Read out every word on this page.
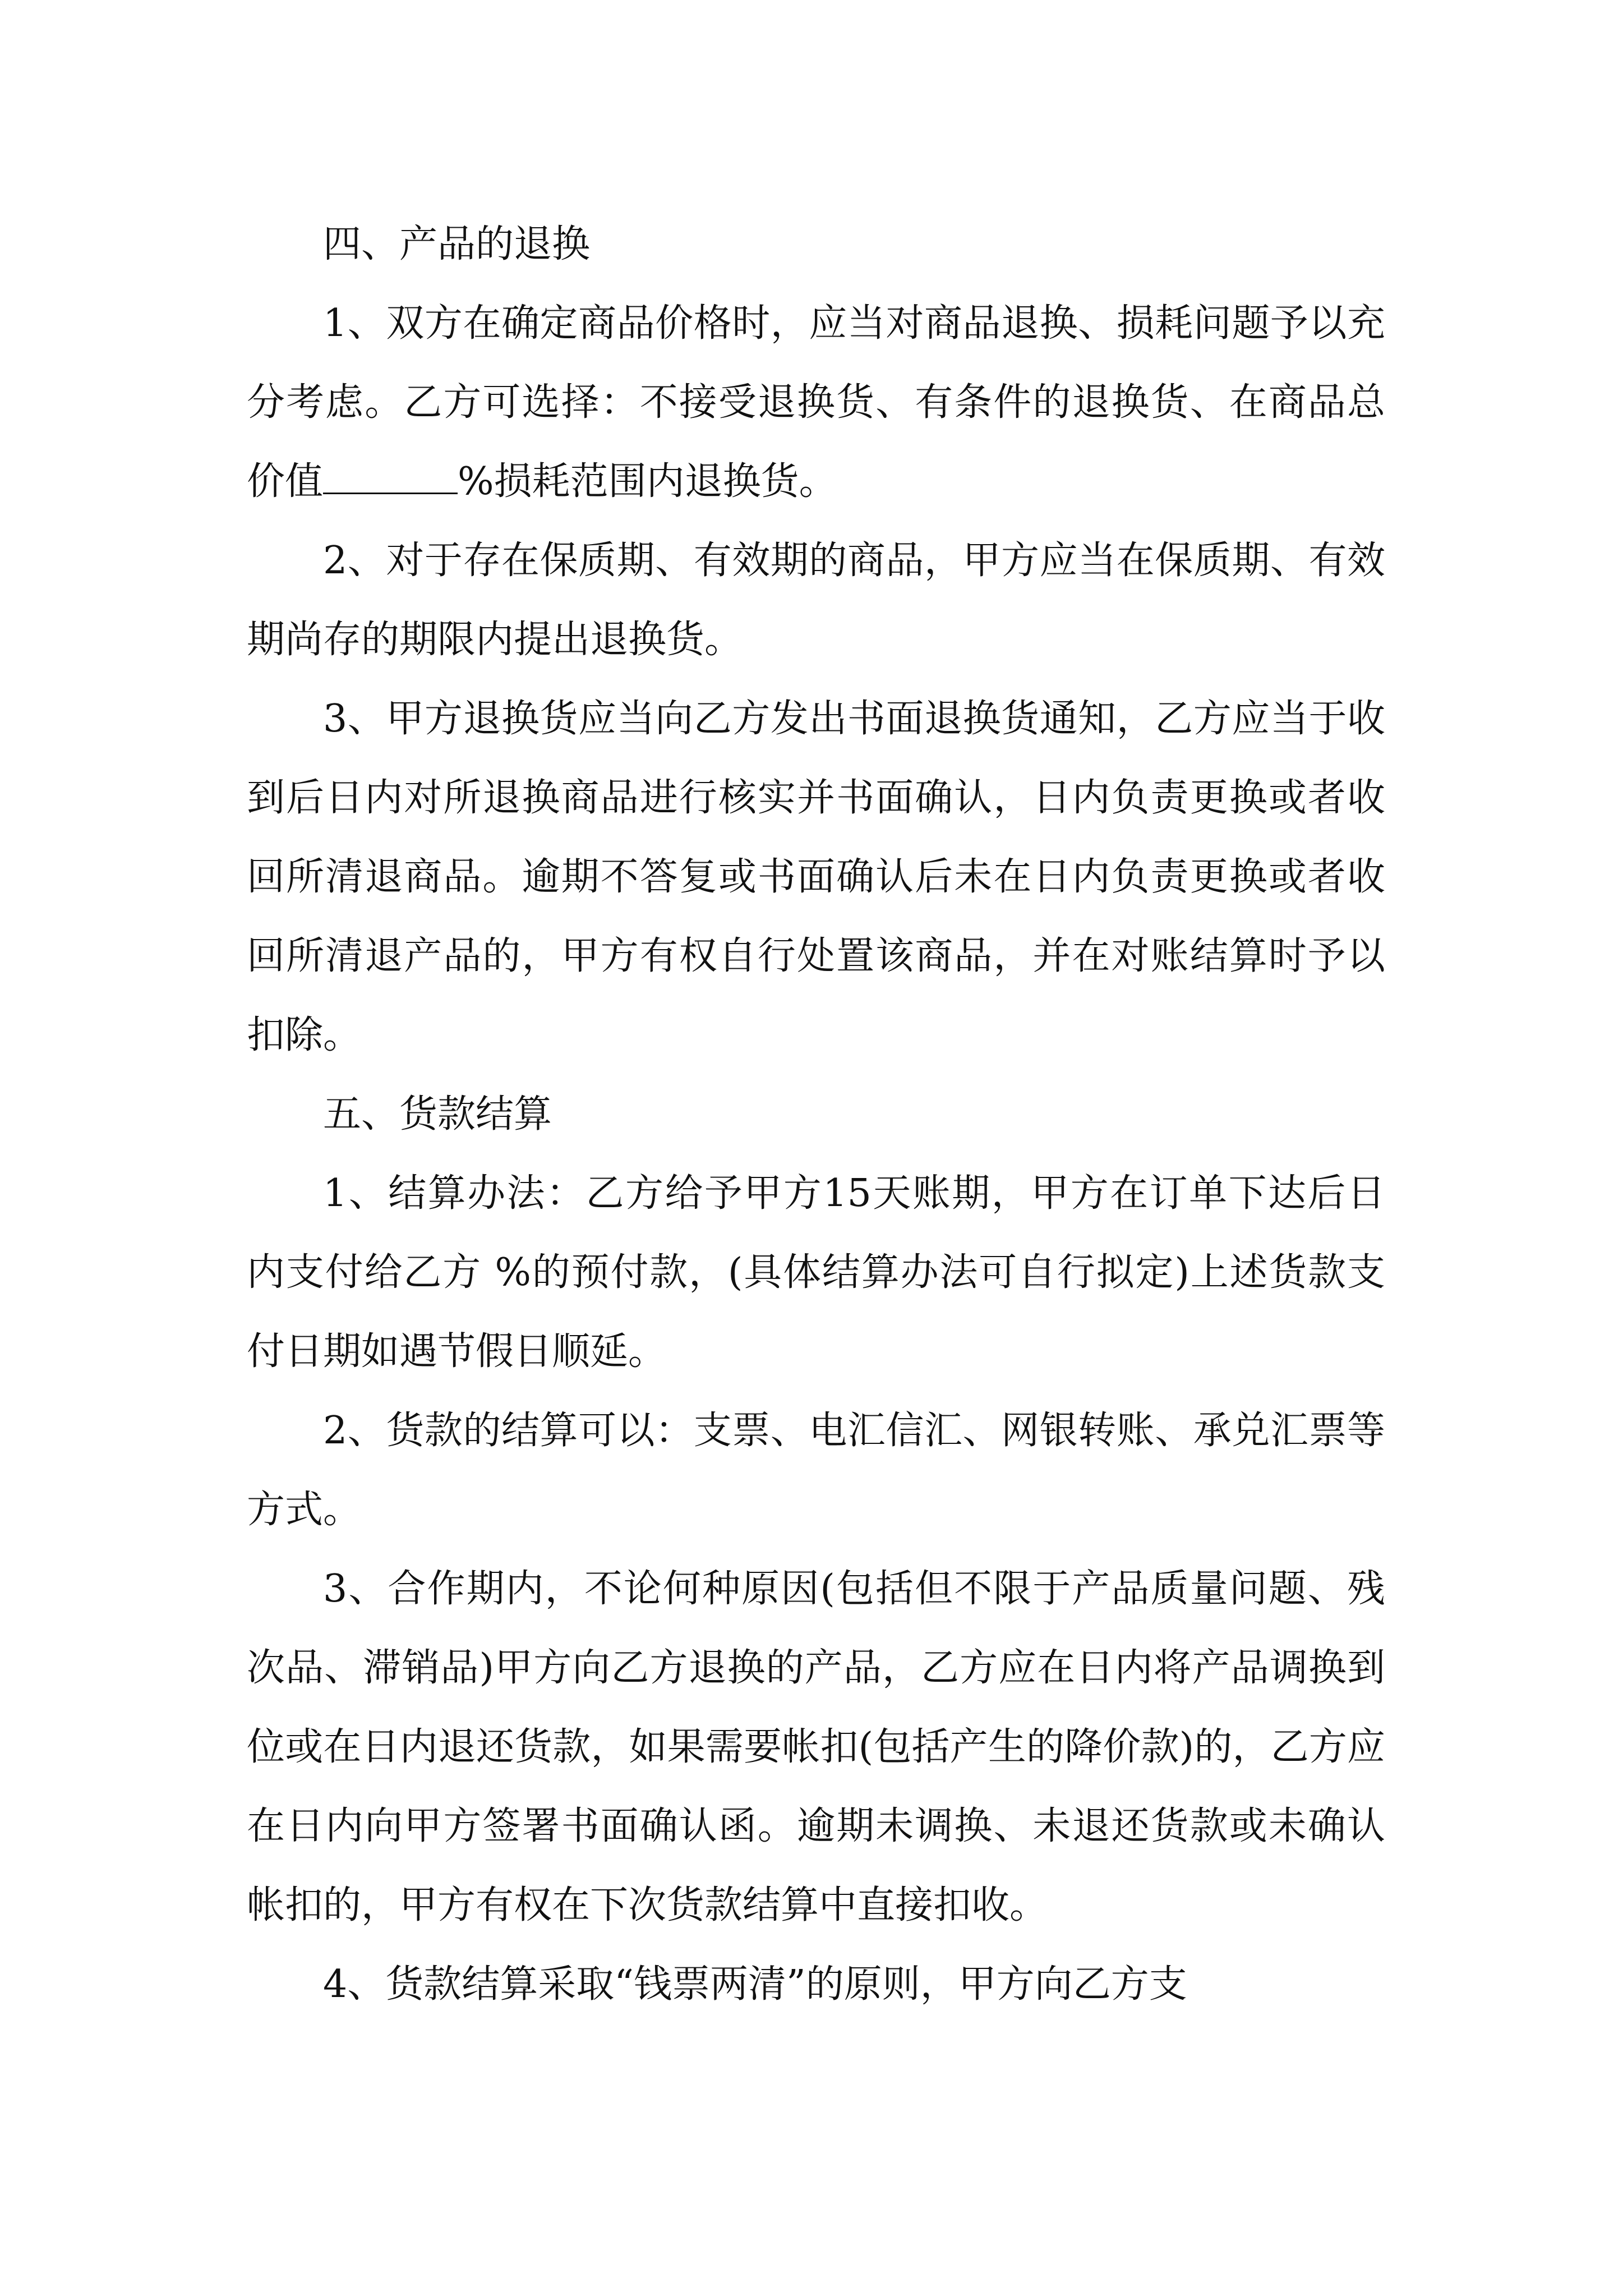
四、产品的退换

1、双方在确定商品价格时，应当对商品退换、损耗问题予以充分考虑。乙方可选择：不接受退换货、有条件的退换货、在商品总价值	%损耗范围内退换货。

2、对于存在保质期、有效期的商品，甲方应当在保质期、有效期尚存的期限内提出退换货。

3、甲方退换货应当向乙方发出书面退换货通知，乙方应当于收到后日内对所退换商品进行核实并书面确认，日内负责更换或者收回所清退商品。逾期不答复或书面确认后未在日内负责更换或者收回所清退产品的，甲方有权自行处置该商品，并在对账结算时予以扣除。

五、货款结算

1、结算办法：乙方给予甲方15天账期，甲方在订单下达后日内支付给乙方 %的预付款，(具体结算办法可自行拟定)上述货款支付日期如遇节假日顺延。

2、货款的结算可以：支票、电汇信汇、网银转账、承兑汇票等方式。

3、合作期内，不论何种原因(包括但不限于产品质量问题、残次品、滞销品)甲方向乙方退换的产品，乙方应在日内将产品调换到位或在日内退还货款，如果需要帐扣(包括产生的降价款)的，乙方应在日内向甲方签署书面确认函。逾期未调换、未退还货款或未确认帐扣的，甲方有权在下次货款结算中直接扣收。

4、货款结算采取“钱票两清”的原则，甲方向乙方支
